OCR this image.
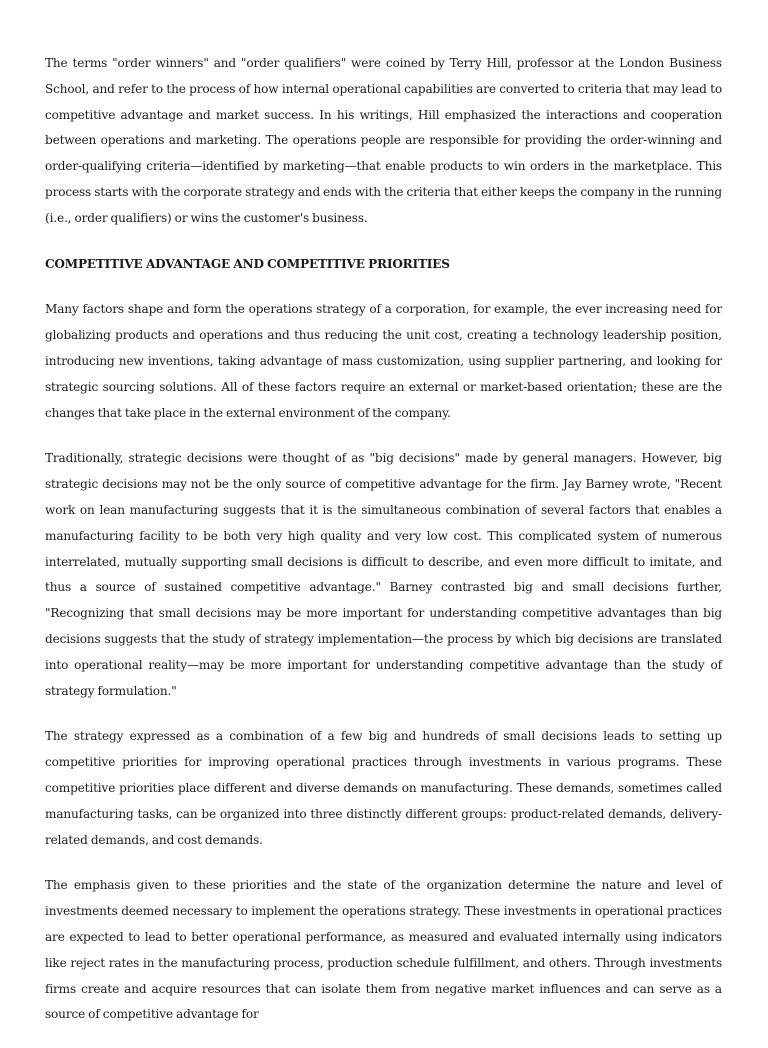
The terms "order winners" and "order qualifiers" were coined by Terry Hill, professor at the London Business School, and refer to the process of how internal operational capabilities are converted to criteria that may lead to competitive advantage and market success. In his writings, Hill emphasized the interactions and cooperation between operations and marketing. The operations people are responsible for providing the order-winning and order-qualifying criteria—identified by marketing—that enable products to win orders in the marketplace. This process starts with the corporate strategy and ends with the criteria that either keeps the company in the running (i.e., order qualifiers) or wins the customer's business.

COMPETITIVE ADVANTAGE AND COMPETITIVE PRIORITIES

Many factors shape and form the operations strategy of a corporation, for example, the ever increasing need for globalizing products and operations and thus reducing the unit cost, creating a technology leadership position, introducing new inventions, taking advantage of mass customization, using supplier partnering, and looking for strategic sourcing solutions. All of these factors require an external or market-based orientation; these are the changes that take place in the external environment of the company.

Traditionally, strategic decisions were thought of as "big decisions" made by general managers. However, big strategic decisions may not be the only source of competitive advantage for the firm. Jay Barney wrote, "Recent work on lean manufacturing suggests that it is the simultaneous combination of several factors that enables a manufacturing facility to be both very high quality and very low cost. This complicated system of numerous interrelated, mutually supporting small decisions is difficult to describe, and even more difficult to imitate, and thus a source of sustained competitive advantage." Barney contrasted big and small decisions further, "Recognizing that small decisions may be more important for understanding competitive advantages than big decisions suggests that the study of strategy implementation—the process by which big decisions are translated into operational reality—may be more important for understanding competitive advantage than the study of strategy formulation."

The strategy expressed as a combination of a few big and hundreds of small decisions leads to setting up competitive priorities for improving operational practices through investments in various programs. These competitive priorities place different and diverse demands on manufacturing. These demands, sometimes called manufacturing tasks, can be organized into three distinctly different groups: product-related demands, delivery-related demands, and cost demands.

The emphasis given to these priorities and the state of the organization determine the nature and level of investments deemed necessary to implement the operations strategy. These investments in operational practices are expected to lead to better operational performance, as measured and evaluated internally using indicators like reject rates in the manufacturing process, production schedule fulfillment, and others. Through investments firms create and acquire resources that can isolate them from negative market influences and can serve as a source of competitive advantage for
